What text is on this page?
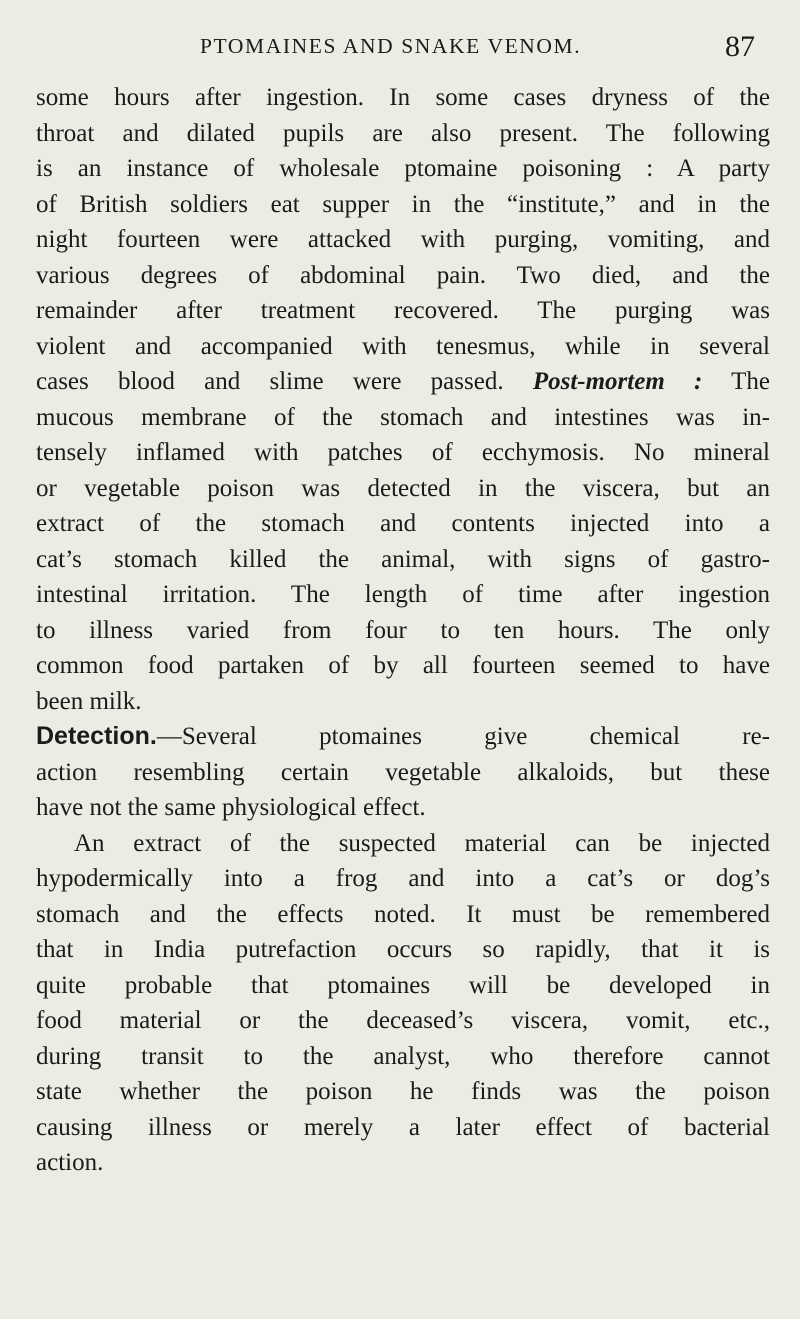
PTOMAINES AND SNAKE VENOM.	87

some hours after ingestion. In some cases dryness of the
throat and dilated pupils are also present. The following
is an instance of wholesale ptomaine poisoning : A party
of British soldiers eat supper in the “institute,” and in the
night fourteen were attacked with purging, vomiting, and
various degrees of abdominal pain. Two died, and the
remainder after treatment recovered. The purging was
violent and accompanied with tenesmus, while in several
cases blood and slime were passed. Post-mortem : The
mucous membrane of the stomach and intestines was in-
tensely inflamed with patches of ecchymosis. No mineral
or vegetable poison was detected in the viscera, but an
extract of the stomach and contents injected into a
cat’s stomach killed the animal, with signs of gastro-
intestinal irritation. The length of time after ingestion
to illness varied from four to ten hours. The only
common food partaken of by all fourteen seemed to have
been milk.

Detection.—Several ptomaines give chemical re-
action resembling certain vegetable alkaloids, but these
have not the same physiological effect.

An extract of the suspected material can be injected
hypodermically into a frog and into a cat’s or dog’s
stomach and the effects noted. It must be remembered
that in India putrefaction occurs so rapidly, that it is
quite probable that ptomaines will be developed in
food material or the deceased’s viscera, vomit, etc.,
during transit to the analyst, who therefore cannot
state whether the poison he finds was the poison
causing illness or merely a later effect of bacterial
action.
